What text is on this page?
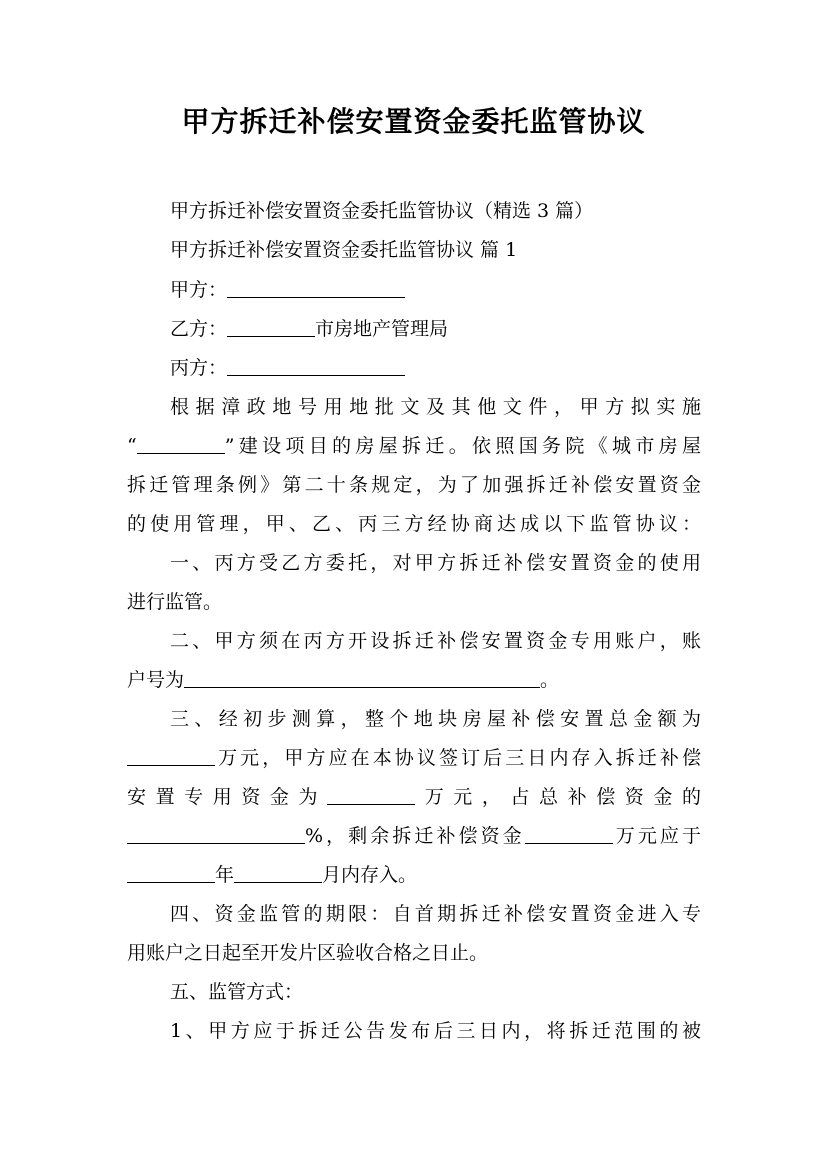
甲方拆迁补偿安置资金委托监管协议
甲方拆迁补偿安置资金委托监管协议（精选 3 篇）
甲方拆迁补偿安置资金委托监管协议 篇 1
甲方：
乙方：	市房地产管理局
丙方：
根据漳政地号用地批文及其他文件，甲方拟实施
“	”建设项目的房屋拆迁。依照国务院《城市房屋
拆迁管理条例》第二十条规定，为了加强拆迁补偿安置资金
的使用管理，甲、乙、丙三方经协商达成以下监管协议：
一、丙方受乙方委托，对甲方拆迁补偿安置资金的使用
进行监管。
二、甲方须在丙方开设拆迁补偿安置资金专用账户，账
户号为	。
三、经初步测算，整个地块房屋补偿安置总金额为
万元，甲方应在本协议签订后三日内存入拆迁补偿
安置专用资金为	万元，占总补偿资金的
%，剩余拆迁补偿资金	万元应于
年	月内存入。
四、资金监管的期限：自首期拆迁补偿安置资金进入专
用账户之日起至开发片区验收合格之日止。
五、监管方式：
1、甲方应于拆迁公告发布后三日内，将拆迁范围的被
